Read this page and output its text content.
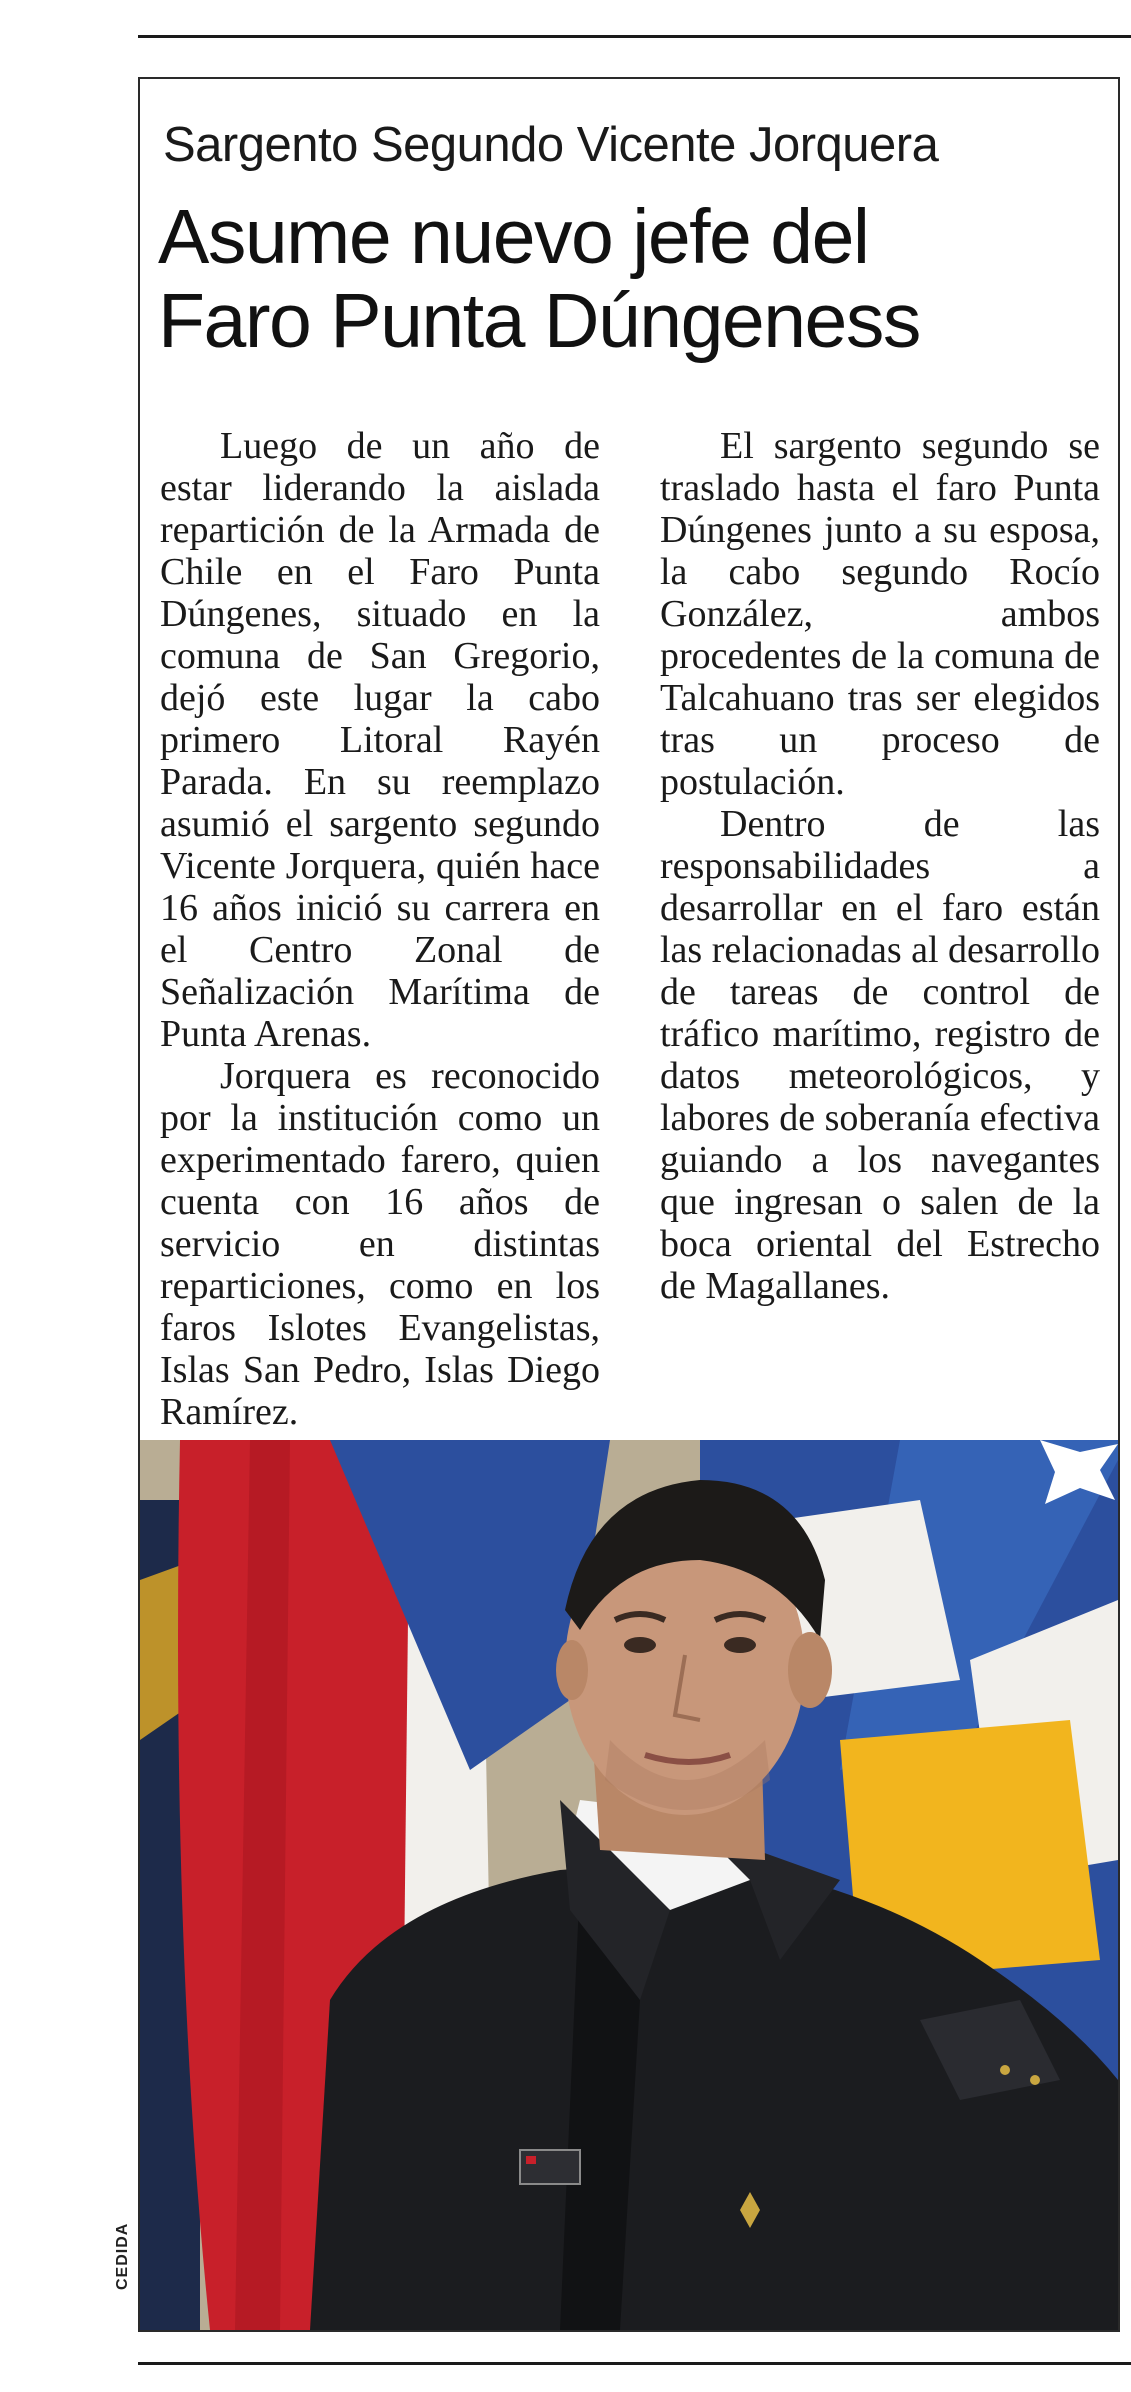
Sargento Segundo Vicente Jorquera
Asume nuevo jefe del
Faro Punta Dúngeness

Luego de un año de estar liderando la aislada repartición de la Armada de Chile en el Faro Punta Dúngenes, situado en la comuna de San Gregorio, dejó este lugar la cabo primero Litoral Rayén Parada. En su reemplazo asumió el sargento segundo Vicente Jorquera, quién hace 16 años inició su carrera en el Centro Zonal de Señalización Marítima de Punta Arenas.

Jorquera es reconocido por la institución como un experimentado farero, quien cuenta con 16 años de servicio en distintas reparticiones, como en los faros Islotes Evangelistas, Islas San Pedro, Islas Diego Ramírez.

El sargento segundo se traslado hasta el faro Punta Dúngenes junto a su esposa, la cabo segundo Rocío González, ambos procedentes de la comuna de Talcahuano tras ser elegidos tras un proceso de postulación.

Dentro de las responsabilidades a desarrollar en el faro están las relacionadas al desarrollo de tareas de control de tráfico marítimo, registro de datos meteorológicos, y labores de soberanía efectiva guiando a los navegantes que ingresan o salen de la boca oriental del Estrecho de Magallanes.

CEDIDA
